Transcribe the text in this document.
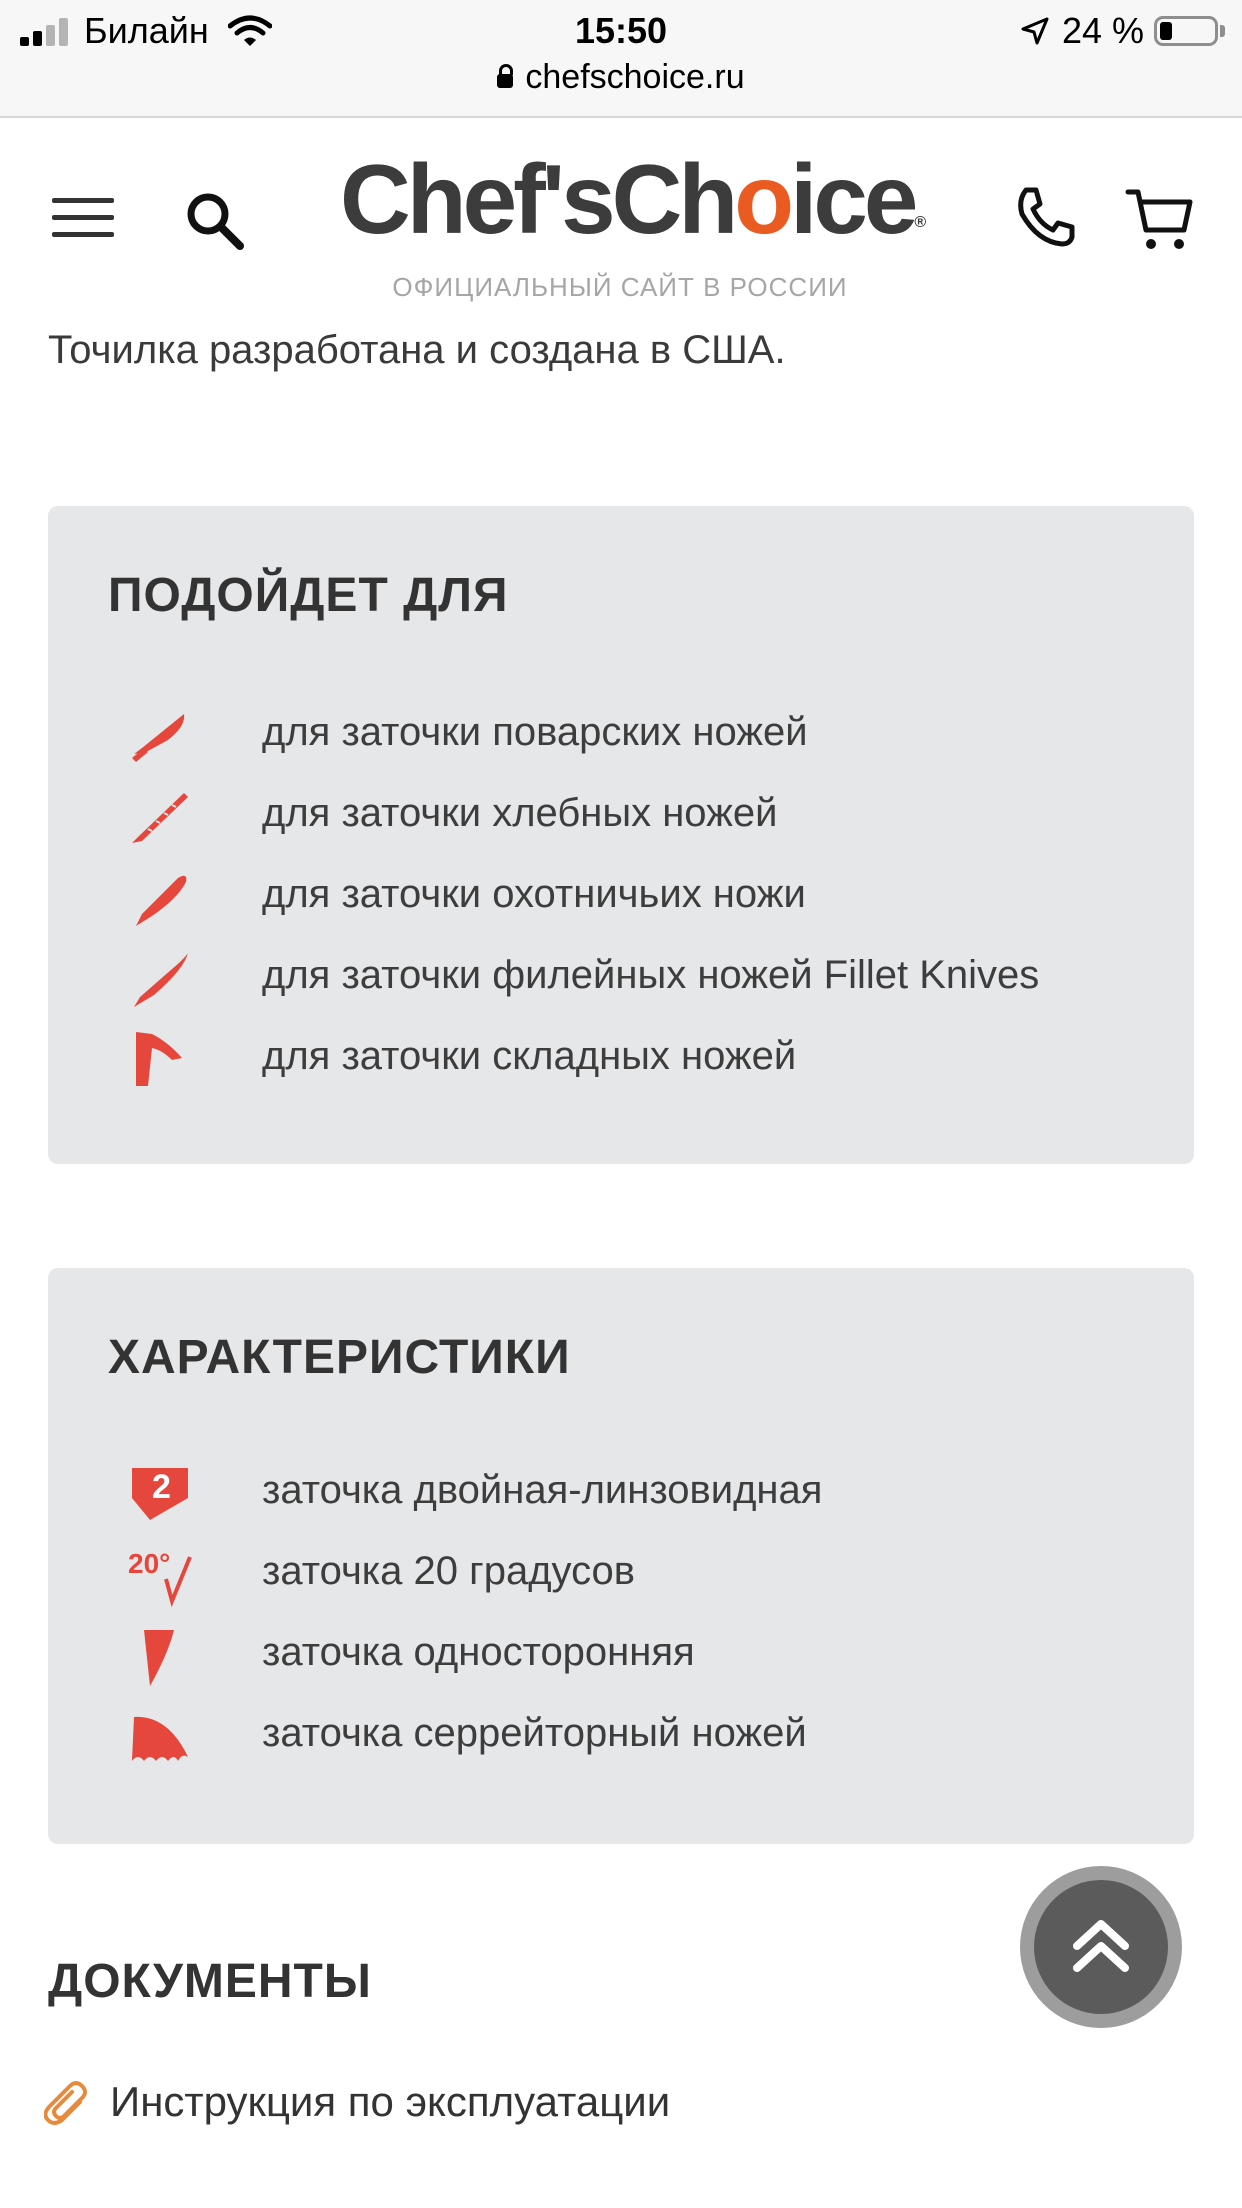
Билайн	15:50	24 %
chefschoice.ru
Chef'sChoice®
ОФИЦИАЛЬНЫЙ САЙТ В РОССИИ
Точилка разработана и создана в США.
ПОДОЙДЕТ ДЛЯ
для заточки поварских ножей
для заточки хлебных ножей
для заточки охотничьих ножи
для заточки филейных ножей Fillet Knives
для заточки складных ножей
ХАРАКТЕРИСТИКИ
2 заточка двойная-линзовидная
20° заточка 20 градусов
заточка односторонняя
заточка серрейторный ножей
ДОКУМЕНТЫ
Инструкция по эксплуатации
